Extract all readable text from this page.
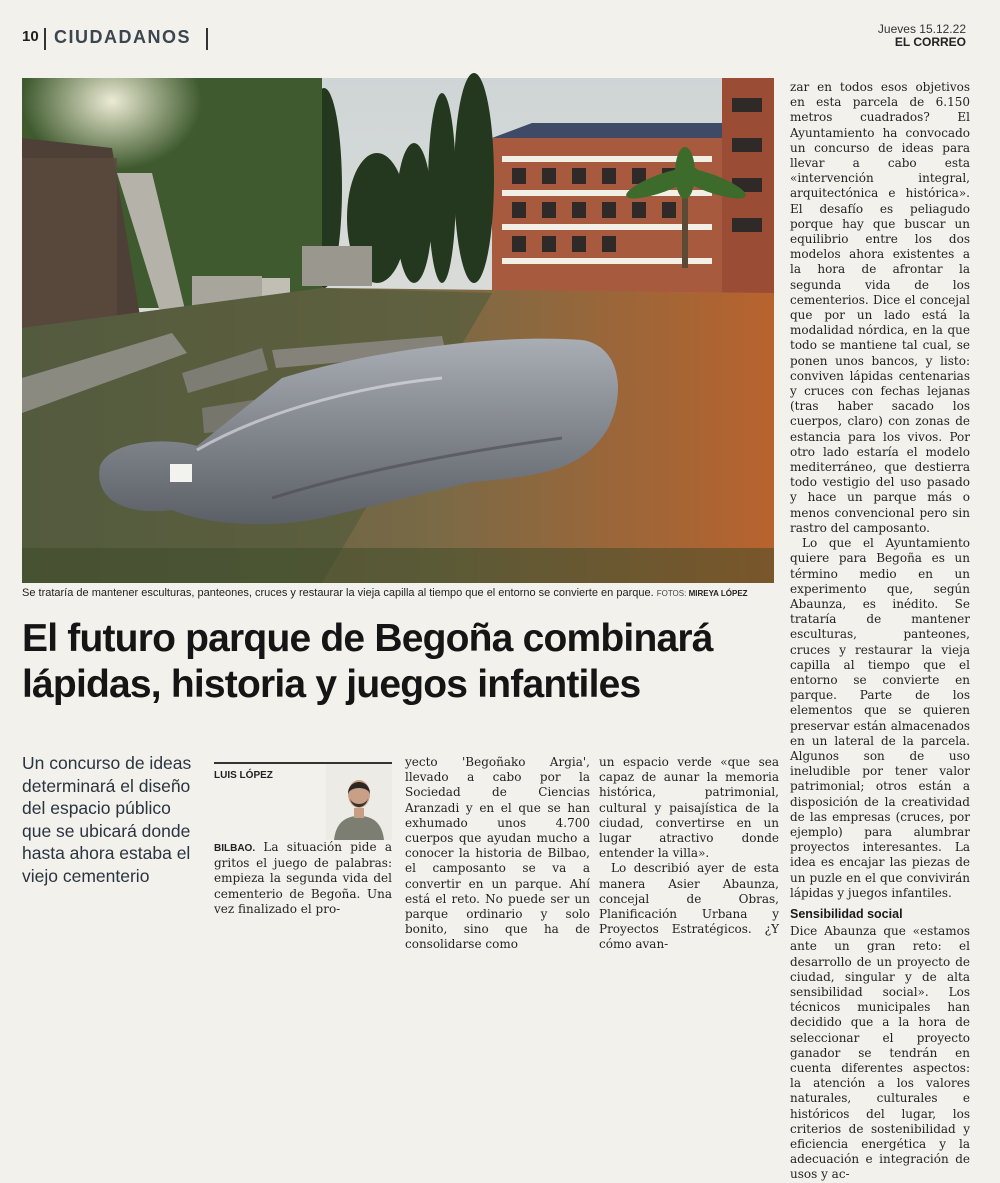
10 CIUDADANOS	Jueves 15.12.22
EL CORREO
Se trataría de mantener esculturas, panteones, cruces y restaurar la vieja capilla al tiempo que el entorno se convierte en parque. FOTOS: MIREYA LÓPEZ
El futuro parque de Begoña combinará lápidas, historia y juegos infantiles
Un concurso de ideas determinará el diseño del espacio público que se ubicará donde hasta ahora estaba el viejo cementerio
LUIS LÓPEZ

BILBAO. La situación pide a gritos el juego de palabras: empieza la segunda vida del cementerio de Begoña. Una vez finalizado el pro-

yecto 'Begoñako Argia', llevado a cabo por la Sociedad de Ciencias Aranzadi y en el que se han exhumado unos 4.700 cuerpos que ayudan mucho a conocer la historia de Bilbao, el camposanto se va a convertir en un parque. Ahí está el reto. No puede ser un parque ordinario y solo bonito, sino que ha de consolidarse como

un espacio verde «que sea capaz de aunar la memoria histórica, patrimonial, cultural y paisajística de la ciudad, convertirse en un lugar atractivo donde entender la villa».

Lo describió ayer de esta manera Asier Abaunza, concejal de Obras, Planificación Urbana y Proyectos Estratégicos. ¿Y cómo avan-

zar en todos esos objetivos en esta parcela de 6.150 metros cuadrados? El Ayuntamiento ha convocado un concurso de ideas para llevar a cabo esta «intervención integral, arquitectónica e histórica». El desafío es peliagudo porque hay que buscar un equilibrio entre los dos modelos ahora existentes a la hora de afrontar la segunda vida de los cementerios. Dice el concejal que por un lado está la modalidad nórdica, en la que todo se mantiene tal cual, se ponen unos bancos, y listo: conviven lápidas centenarias y cruces con fechas lejanas (tras haber sacado los cuerpos, claro) con zonas de estancia para los vivos. Por otro lado estaría el modelo mediterráneo, que destierra todo vestigio del uso pasado y hace un parque más o menos convencional pero sin rastro del camposanto.

Lo que el Ayuntamiento quiere para Begoña es un término medio en un experimento que, según Abaunza, es inédito. Se trataría de mantener esculturas, panteones, cruces y restaurar la vieja capilla al tiempo que el entorno se convierte en parque. Parte de los elementos que se quieren preservar están almacenados en un lateral de la parcela. Algunos son de uso ineludible por tener valor patrimonial; otros están a disposición de la creatividad de las empresas (cruces, por ejemplo) para alumbrar proyectos interesantes. La idea es encajar las piezas de un puzle en el que convivirán lápidas y juegos infantiles.

Sensibilidad social

Dice Abaunza que «estamos ante un gran reto: el desarrollo de un proyecto de ciudad, singular y de alta sensibilidad social». Los técnicos municipales han decidido que a la hora de seleccionar el proyecto ganador se tendrán en cuenta diferentes aspectos: la atención a los valores naturales, culturales e históricos del lugar, los criterios de sostenibilidad y eficiencia energética y la adecuación e integración de usos y ac-
